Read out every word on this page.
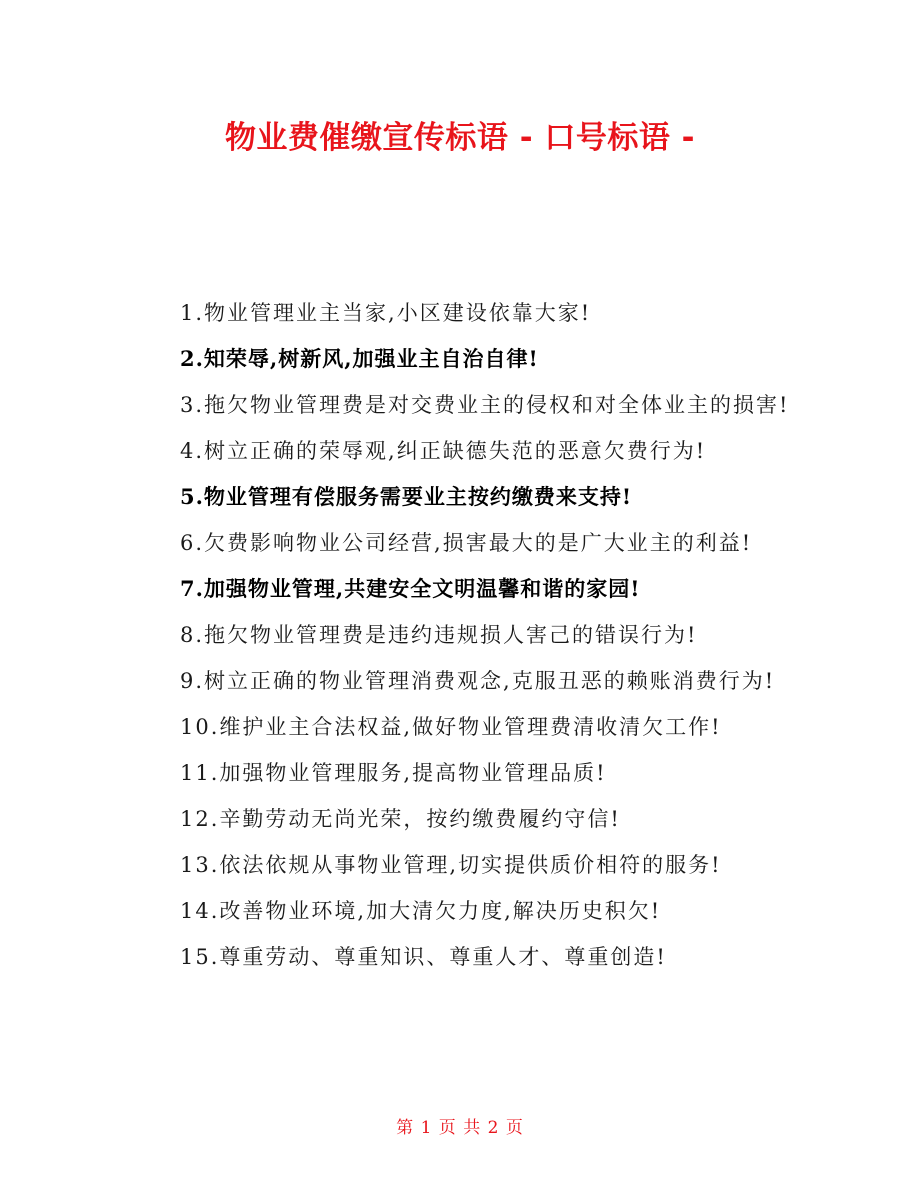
物业费催缴宣传标语 - 口号标语 -

1.物业管理业主当家,小区建设依靠大家!

2.知荣辱,树新风,加强业主自治自律!

3.拖欠物业管理费是对交费业主的侵权和对全体业主的损害!

4.树立正确的荣辱观,纠正缺德失范的恶意欠费行为!

5.物业管理有偿服务需要业主按约缴费来支持!

6.欠费影响物业公司经营,损害最大的是广大业主的利益!

7.加强物业管理,共建安全文明温馨和谐的家园!

8.拖欠物业管理费是违约违规损人害己的错误行为!

9.树立正确的物业管理消费观念,克服丑恶的赖账消费行为!

10.维护业主合法权益,做好物业管理费清收清欠工作!

11.加强物业管理服务,提高物业管理品质!

12.辛勤劳动无尚光荣，按约缴费履约守信!

13.依法依规从事物业管理,切实提供质价相符的服务!

14.改善物业环境,加大清欠力度,解决历史积欠!

15.尊重劳动、尊重知识、尊重人才、尊重创造!

第 1 页 共 2 页
